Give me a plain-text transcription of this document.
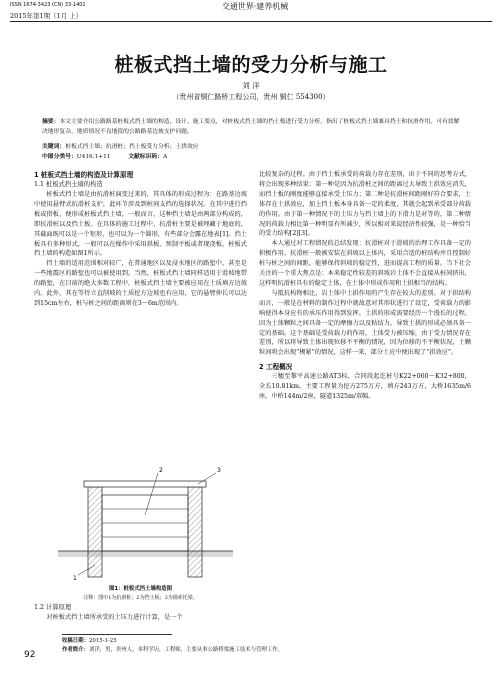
ISSN 1674-3423 (CN) 33-1401
2015年第1期（1月 上）
交通世界·建养机械
桩板式挡土墙的受力分析与施工
刘 洋
（贵州省铜仁路桥工程公司，贵州 铜仁 554300）
摘要：本文主要介绍公路路基桩板式挡土墙的构造、设计、施工要点，对桩板式挡土墙的挡土板进行受力分析，指出了桩板式挡土墙兼具挡土和抗滑作用，可有效解决地形复杂、地质情况不良地段的公路路基边坡支护问题。
关键词：桩板式挡土墙；抗滑桩；挡土板受力分析；土拱效应
中图分类号：U416.1+11	文献标识码：A
1 桩板式挡土墙的构造及计算原理
1.1 桩板式挡土墙的构造

桩板式挡土墙是由抗滑桩演变过来的，其具体的形成过程为：在路基边坡中使用悬臂式抗滑桩支护，此环节涉及到桩间支挡的选择状况。在其中进行挡板或搭板，便形成桩板式挡土墙，一般而言，这种挡土墙是由两部分构成的，即抗滑桩以及挡土板。在具体的施工过程中，抗滑桩主要是被埋藏于地底的，其截面既可以是一个矩形，也可以为一个圆形，有些部分会露在地表[1]。挡土板具有多种形式，一般可以在操作中采用拱板、预制平板或者现浇板。桩板式挡土墙的构造如图1所示。

挡土墙的适用范围相对较广，在普通地区以及浸水地区的路堑中，甚至是一些地震区的路堑也可以被使用到。当然，桩板式挡土墙同样适用于滑坡地带的路堑，在目前的绝大多数工程中，桩板式挡土墙主要被应用在土质填方边坡内。此外，其在等待立直削坡的土质挖方边坡也有应用，它的悬臂伸长可以达到15cm左右，桩与桩之间的距离则在3～6m范围内。

1
2	3
图1：桩板式挡土墙构造图
注释：图中1为抗滑桩；2为挡土板；3为锚索托梁。
1.2 计算原理

对桩板式挡土墙所承受的土压力进行计算，是一个

比较复杂的过程。由于挡土板承受的荷载力存在差别，出于不同的思考方式，将会出现多种结果：第一种是因为抗滑桩之间的距离过大导致土拱效应消失，而挡土板的刚度能够直接承受土压力；第二种是抗滑桩间距刚好符合要求，土体存在土拱效应，加上挡土板本身具备一定的柔度，其就会起到承受部分荷载的作用。由于第一种情况下的土压力与挡土墙上的下滑力是对等的，第二种情况的荷载力相比第一种明显有所减少，所以相对来说经济性较强，是一种恰当的受力结构[2][3]。

本人通过对工程情况的总结发现：抗滑桩对于滑坡的治理工作具备一定的积极作用。抗滑桩一般被安装在斜坡以上体内，采用合适的桩结构并且控制好桩与桩之间的间距，能够保持斜坡的稳定性，进而提高工程的质量。当下社会关注的一个重大焦点是：本来稳定性较差的斜坡岩土体不会直接从桩间挤出，这样明抗滑桩具有的稳定土体，在土体中形成作用和土拱相当的结构。

与抵抗构物相比，岩土体中土拱作用的产生存在较大的差别。对于拱结构而言，一般是在材料的制作过程中就故意对其形状进行了设定，受荷载力的影响使得本身应有的承压作用得到发挥。土拱的形成需要经历一个漫长的过程，因为土体颗粒之间具备一定的摩擦力以及粘结力，导致土拱的形成必须具备一定的基础。这个基础是受荷载力的作用，土体受力被压缩，由于受力情况存在差别，所以将导致土体出现位移不平衡的情况，因为位移的不平衡状况，土颗粒间将会出现“楔紧”的情况，这样一来，部分土应中便出现了“拱效应”。

2 工程概况

三穗至黎平高速公路AT3标，合同段起讫桩号K22+060～K32+800，全长10.81km。主要工程量为挖方275万方，填方243万方，大桥1635m/6座，中桥144m/2座，隧道1325m/双幅。

收稿日期：2015-1-25
作者简介：刘洋，男，贵州人，本科学历，工程师，主要从事公路桥梁施工技术与管理工作。
92
